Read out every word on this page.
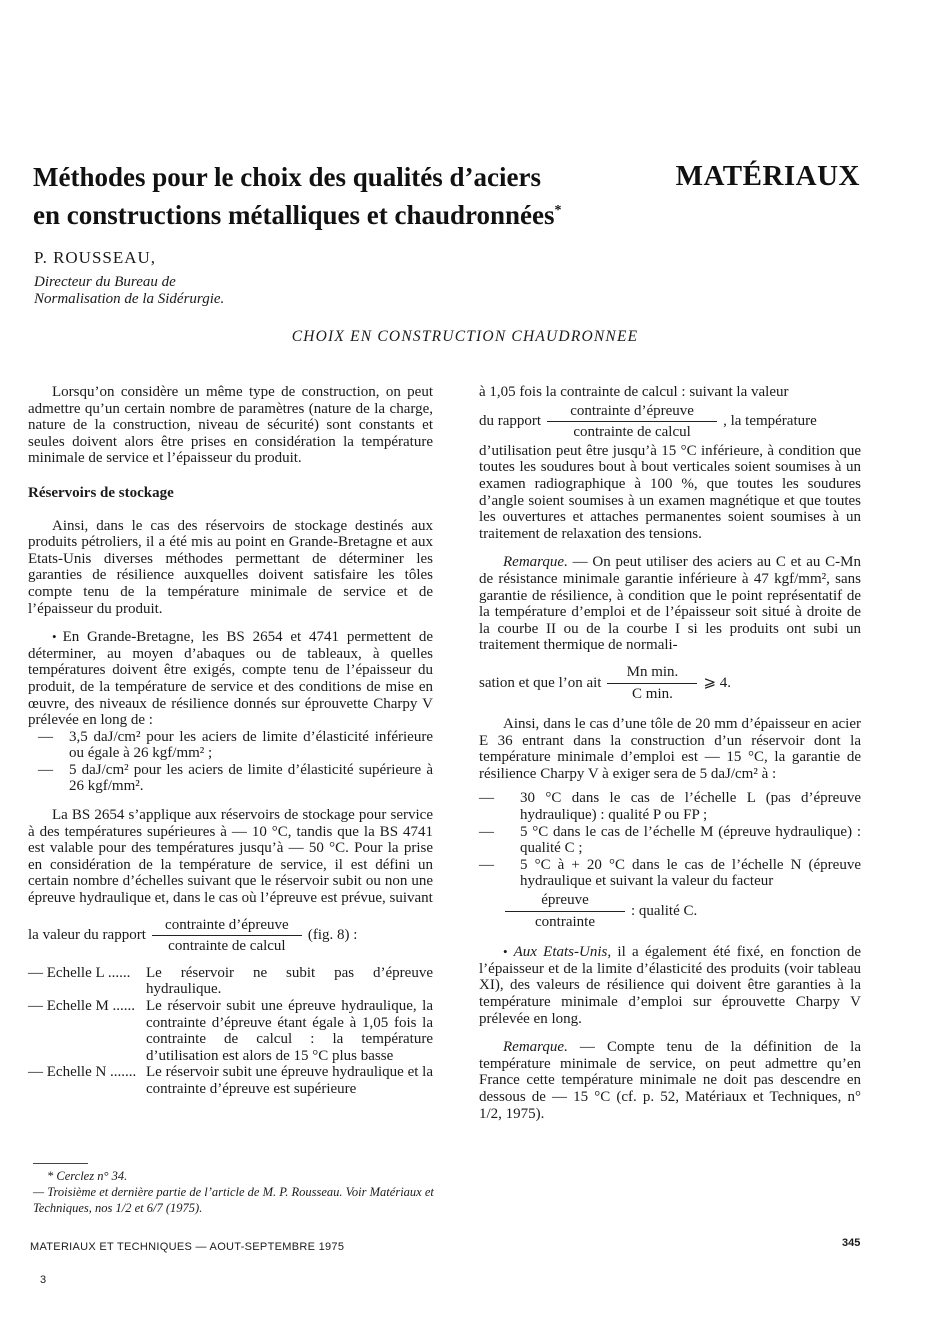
Méthodes pour le choix des qualités d’aciers
en constructions métalliques et chaudronnées*
MATÉRIAUX
P. ROUSSEAU,
Directeur du Bureau de
Normalisation de la Sidérurgie.
CHOIX EN CONSTRUCTION CHAUDRONNEE

Lorsqu’on considère un même type de construction, on peut admettre qu’un certain nombre de paramètres (nature de la charge, nature de la construction, niveau de sécurité) sont constants et seules doivent alors être prises en considération la température minimale de service et l’épaisseur du produit.

Réservoirs de stockage

Ainsi, dans le cas des réservoirs de stockage destinés aux produits pétroliers, il a été mis au point en Grande-Bretagne et aux Etats-Unis diverses méthodes permettant de déterminer les garanties de résilience auxquelles doivent satisfaire les tôles compte tenu de la température minimale de service et de l’épaisseur du produit.

• En Grande-Bretagne, les BS 2654 et 4741 permettent de déterminer, au moyen d’abaques ou de tableaux, à quelles températures doivent être exigés, compte tenu de l’épaisseur du produit, de la température de service et des conditions de mise en œuvre, des niveaux de résilience donnés sur éprouvette Charpy V prélevée en long de :

— 3,5 daJ/cm² pour les aciers de limite d’élasticité inférieure ou égale à 26 kgf/mm² ;

— 5 daJ/cm² pour les aciers de limite d’élasticité supérieure à 26 kgf/mm².

La BS 2654 s’applique aux réservoirs de stockage pour service à des températures supérieures à — 10 °C, tandis que la BS 4741 est valable pour des températures jusqu’à — 50 °C. Pour la prise en considération de la température de service, il est défini un certain nombre d’échelles suivant que le réservoir subit ou non une épreuve hydraulique et, dans le cas où l’épreuve est prévue, suivant

la valeur du rapport $\frac{\text{contrainte d’épreuve}}{\text{contrainte de calcul}} (fig$. 8) :

— Echelle L ...... Le réservoir ne subit pas d’épreuve hydraulique.

— Echelle M ...... Le réservoir subit une épreuve hydraulique, la contrainte d’épreuve étant égale à 1,05 fois la contrainte de calcul : la température d’utilisation est alors de 15 °C plus basse

— Echelle N ....... Le réservoir subit une épreuve hydraulique et la contrainte d’épreuve est supérieure

à 1,05 fois la contrainte de calcul : suivant la valeur

du rapport $\frac{\text{contrainte d’épreuve}}{\text{contrainte de calcul}}$ , la température

d’utilisation peut être jusqu’à 15 °C inférieure, à condition que toutes les soudures bout à bout verticales soient soumises à un examen radiographique à 100 %, que toutes les soudures d’angle soient soumises à un examen magnétique et que toutes les ouvertures et attaches permanentes soient soumises à un traitement de relaxation des tensions.

Remarque. — On peut utiliser des aciers au C et au C-Mn de résistance minimale garantie inférieure à 47 kgf/mm², sans garantie de résilience, à condition que le point représentatif de la température d’emploi et de l’épaisseur soit situé à droite de la courbe II ou de la courbe I si les produits ont subi un traitement thermique de normali-

sation et que l’on ait $\frac{\text{Mn min.}}{\text{C min.}}$ ⩾ 4.

Ainsi, dans le cas d’une tôle de 20 mm d’épaisseur en acier E 36 entrant dans la construction d’un réservoir dont la température minimale d’emploi est — 15 °C, la garantie de résilience Charpy V à exiger sera de 5 daJ/cm² à :

— 30 °C dans le cas de l’échelle L (pas d’épreuve hydraulique) : qualité P ou FP ;

— 5 °C dans le cas de l’échelle M (épreuve hydraulique) : qualité C ;

— 5 °C à + 20 °C dans le cas de l’échelle N (épreuve hydraulique et suivant la valeur du facteur

$\frac{\text{épreuve}}{\text{contrainte}}$ : qualité C.

• Aux Etats-Unis, il a également été fixé, en fonction de l’épaisseur et de la limite d’élasticité des produits (voir tableau XI), des valeurs de résilience qui doivent être garanties à la température minimale d’emploi sur éprouvette Charpy V prélevée en long.

Remarque. — Compte tenu de la définition de la température minimale de service, on peut admettre qu’en France cette température minimale ne doit pas descendre en dessous de — 15 °C (cf. p. 52, Matériaux et Techniques, n° 1/2, 1975).

* Cerclez n° 34.
— Troisième et dernière partie de l’article de M. P. Rousseau. Voir Matériaux et Techniques, nos 1/2 et 6/7 (1975).
MATERIAUX ET TECHNIQUES — AOUT-SEPTEMBRE 1975	345
3
